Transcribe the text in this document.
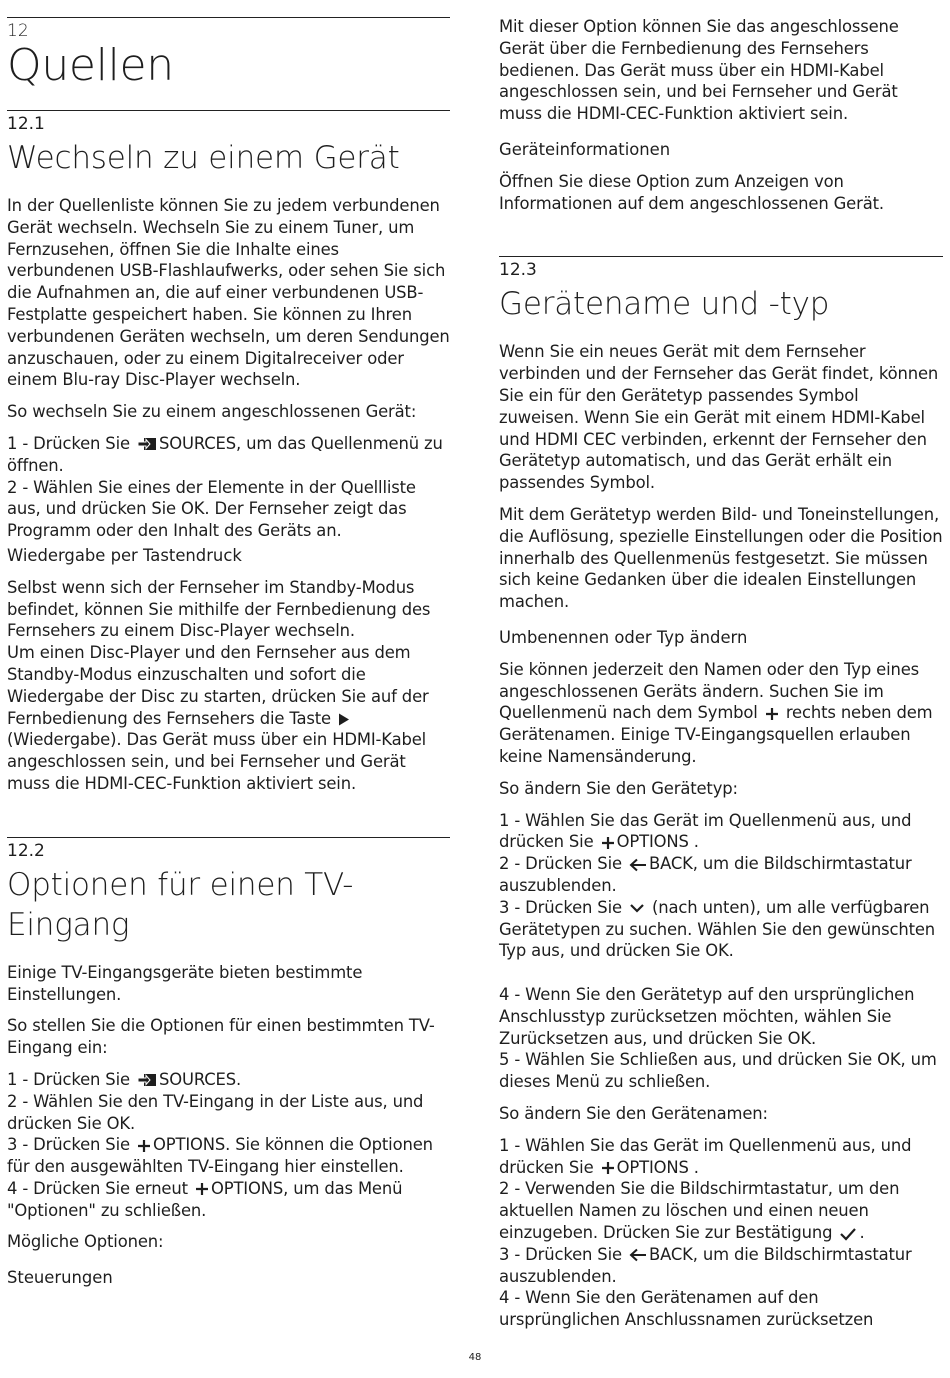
12
Quellen
12.1
Wechseln zu einem Gerät

In der Quellenliste können Sie zu jedem verbundenen Gerät wechseln. Wechseln Sie zu einem Tuner, um Fernzusehen, öffnen Sie die Inhalte eines verbundenen USB-Flashlaufwerks, oder sehen Sie sich die Aufnahmen an, die auf einer verbundenen USB-Festplatte gespeichert haben. Sie können zu Ihren verbundenen Geräten wechseln, um deren Sendungen anzuschauen, oder zu einem Digitalreceiver oder einem Blu-ray Disc-Player wechseln.

So wechseln Sie zu einem angeschlossenen Gerät:

1 - Drücken Sie
SOURCES, um das Quellenmenü zu öffnen.

2 - Wählen Sie eines der Elemente in der Quellliste aus, und drücken Sie OK. Der Fernseher zeigt das Programm oder den Inhalt des Geräts an.

Wiedergabe per Tastendruck

Selbst wenn sich der Fernseher im Standby-Modus befindet, können Sie mithilfe der Fernbedienung des Fernsehers zu einem Disc-Player wechseln.

Um einen Disc-Player und den Fernseher aus dem Standby-Modus einzuschalten und sofort die Wiedergabe der Disc zu starten, drücken Sie auf der Fernbedienung des Fernsehers die Taste
(Wiedergabe). Das Gerät muss über ein HDMI-Kabel angeschlossen sein, und bei Fernseher und Gerät muss die HDMI-CEC-Funktion aktiviert sein.

12.2
Optionen für einen TV-Eingang

Einige TV-Eingangsgeräte bieten bestimmte Einstellungen.

So stellen Sie die Optionen für einen bestimmten TV-Eingang ein:

1 - Drücken Sie
SOURCES.

2 - Wählen Sie den TV-Eingang in der Liste aus, und drücken Sie OK.

3 - Drücken Sie
OPTIONS. Sie können die Optionen für den ausgewählten TV-Eingang hier einstellen.

4 - Drücken Sie erneut
OPTIONS, um das Menü "Optionen" zu schließen.

Mögliche Optionen:

Steuerungen

Mit dieser Option können Sie das angeschlossene Gerät über die Fernbedienung des Fernsehers bedienen. Das Gerät muss über ein HDMI-Kabel angeschlossen sein, und bei Fernseher und Gerät muss die HDMI-CEC-Funktion aktiviert sein.

Geräteinformationen

Öffnen Sie diese Option zum Anzeigen von Informationen auf dem angeschlossenen Gerät.

12.3
Gerätename und -typ

Wenn Sie ein neues Gerät mit dem Fernseher verbinden und der Fernseher das Gerät findet, können Sie ein für den Gerätetyp passendes Symbol zuweisen. Wenn Sie ein Gerät mit einem HDMI-Kabel und HDMI CEC verbinden, erkennt der Fernseher den Gerätetyp automatisch, und das Gerät erhält ein passendes Symbol.

Mit dem Gerätetyp werden Bild- und Toneinstellungen, die Auflösung, spezielle Einstellungen oder die Position innerhalb des Quellenmenüs festgesetzt. Sie müssen sich keine Gedanken über die idealen Einstellungen machen.

Umbenennen oder Typ ändern

Sie können jederzeit den Namen oder den Typ eines angeschlossenen Geräts ändern. Suchen Sie im Quellenmenü nach dem Symbol
rechts neben dem Gerätenamen. Einige TV-Eingangsquellen erlauben keine Namensänderung.

So ändern Sie den Gerätetyp:

1 - Wählen Sie das Gerät im Quellenmenü aus, und drücken Sie
OPTIONS .

2 - Drücken Sie
BACK, um die Bildschirmtastatur auszublenden.

3 - Drücken Sie
(nach unten), um alle verfügbaren Gerätetypen zu suchen. Wählen Sie den gewünschten Typ aus, und drücken Sie OK.

4 - Wenn Sie den Gerätetyp auf den ursprünglichen Anschlusstyp zurücksetzen möchten, wählen Sie Zurücksetzen aus, und drücken Sie OK.

5 - Wählen Sie Schließen aus, und drücken Sie OK, um dieses Menü zu schließen.

So ändern Sie den Gerätenamen:

1 - Wählen Sie das Gerät im Quellenmenü aus, und drücken Sie
OPTIONS .

2 - Verwenden Sie die Bildschirmtastatur, um den aktuellen Namen zu löschen und einen neuen einzugeben. Drücken Sie zur Bestätigung
.

3 - Drücken Sie
BACK, um die Bildschirmtastatur auszublenden.

4 - Wenn Sie den Gerätenamen auf den ursprünglichen Anschlussnamen zurücksetzen

48
